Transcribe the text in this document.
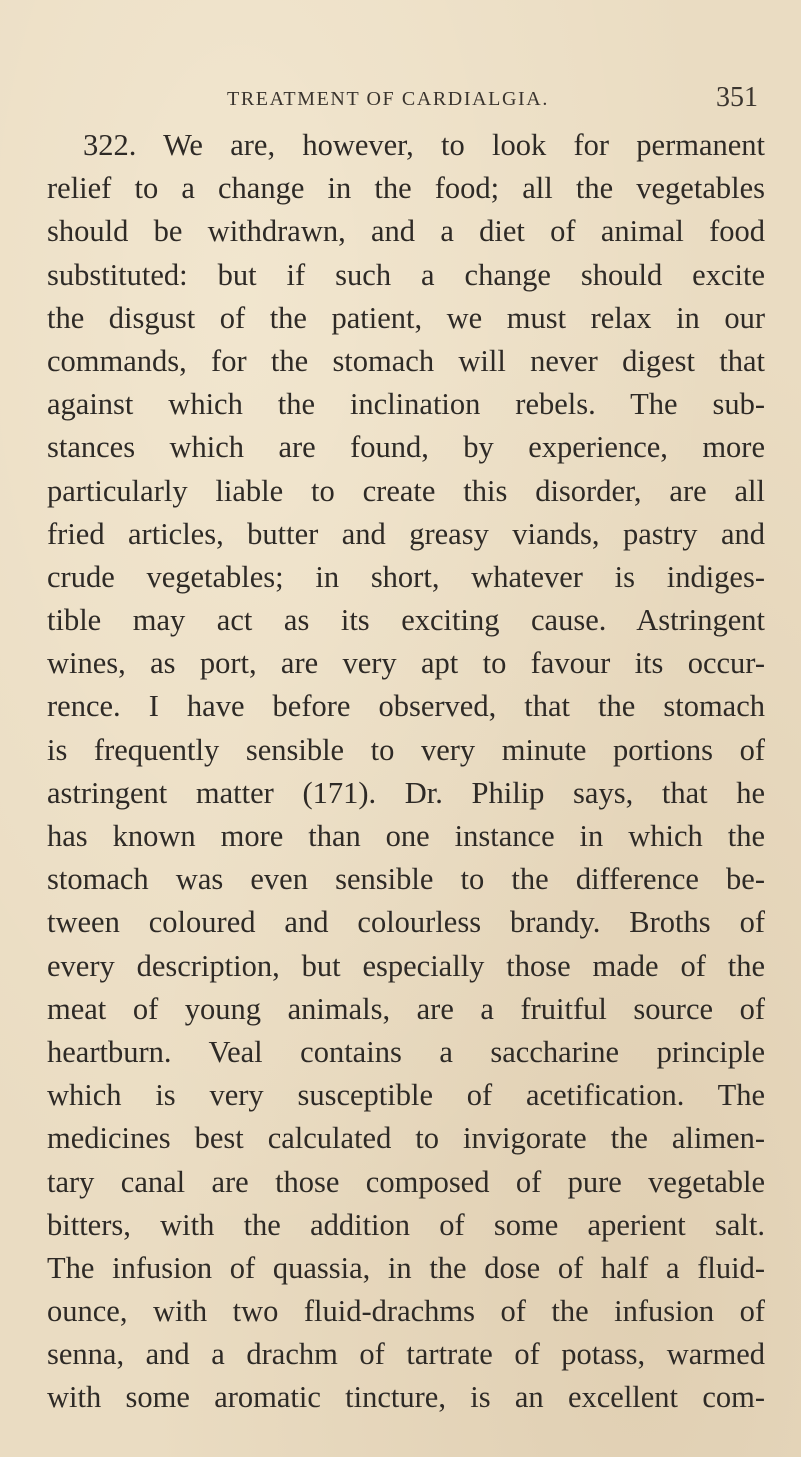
TREATMENT OF CARDIALGIA.	351
322. We are, however, to look for permanent
relief to a change in the food; all the vegetables
should be withdrawn, and a diet of animal food
substituted: but if such a change should excite
the disgust of the patient, we must relax in our
commands, for the stomach will never digest that
against which the inclination rebels. The sub-
stances which are found, by experience, more
particularly liable to create this disorder, are all
fried articles, butter and greasy viands, pastry and
crude vegetables; in short, whatever is indiges-
tible may act as its exciting cause. Astringent
wines, as port, are very apt to favour its occur-
rence. I have before observed, that the stomach
is frequently sensible to very minute portions of
astringent matter (171). Dr. Philip says, that he
has known more than one instance in which the
stomach was even sensible to the difference be-
tween coloured and colourless brandy. Broths of
every description, but especially those made of the
meat of young animals, are a fruitful source of
heartburn. Veal contains a saccharine principle
which is very susceptible of acetification. The
medicines best calculated to invigorate the alimen-
tary canal are those composed of pure vegetable
bitters, with the addition of some aperient salt.
The infusion of quassia, in the dose of half a fluid-
ounce, with two fluid-drachms of the infusion of
senna, and a drachm of tartrate of potass, warmed
with some aromatic tincture, is an excellent com-
